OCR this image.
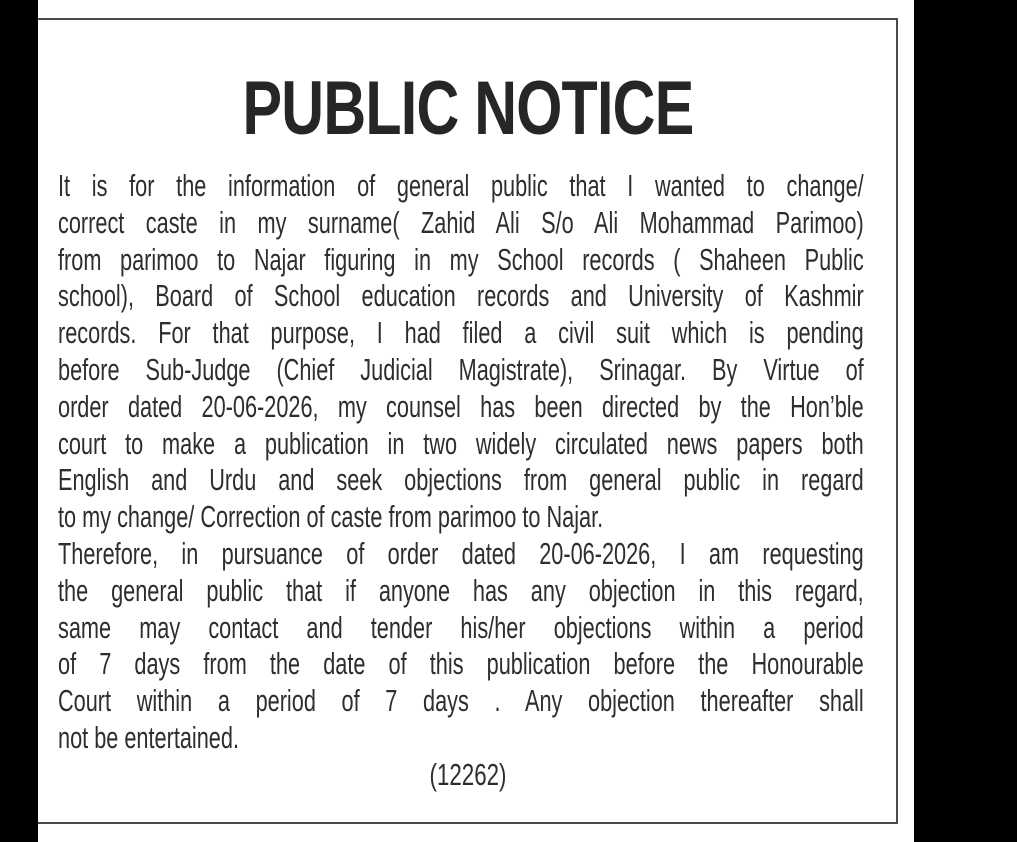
PUBLIC NOTICE
It is for the information of general public that I wanted to change/
correct caste in my surname( Zahid Ali S/o Ali Mohammad Parimoo)
from parimoo to Najar figuring in my School records ( Shaheen Public
school), Board of School education records and University of Kashmir
records. For that purpose, I had filed a civil suit which is pending
before Sub-Judge (Chief Judicial Magistrate), Srinagar. By Virtue of
order dated 20-06-2026, my counsel has been directed by the Hon’ble
court to make a publication in two widely circulated news papers both
English and Urdu and seek objections from general public in regard
to my change/ Correction of caste from parimoo to Najar.
Therefore, in pursuance of order dated 20-06-2026, I am requesting
the general public that if anyone has any objection in this regard,
same may contact and tender his/her objections within a period
of 7 days from the date of this publication before the Honourable
Court within a period of 7 days . Any objection thereafter shall
not be entertained.
(12262)
